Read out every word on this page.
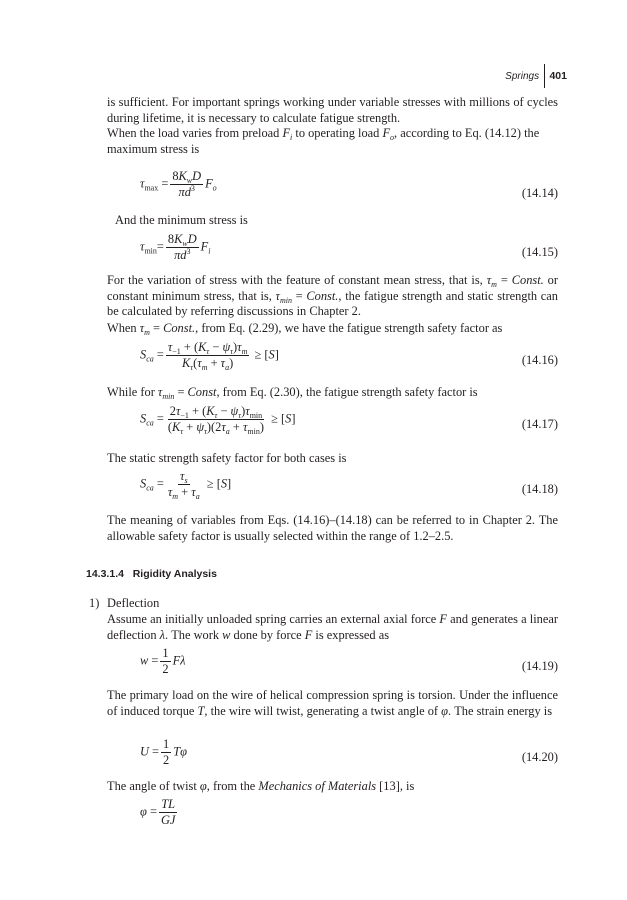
Springs 401
is sufficient. For important springs working under variable stresses with millions of cycles during lifetime, it is necessary to calculate fatigue strength.
When the load varies from preload $F_i$ to operating load $F_o$, according to Eq. (14.12) the maximum stress is
$\tau_{max} = \frac{8K_wD}{\pi d^3} F_o$	(14.14)
And the minimum stress is
$\tau_{min}= \frac{8K_wD}{\pi d^3} F_i$	(14.15)
For the variation of stress with the feature of constant mean stress, that is, $\tau_m$ = Const. or constant minimum stress, that is, $\tau_{min}$ = Const., the fatigue strength and static strength can be calculated by referring discussions in Chapter 2.
When $\tau_m$ = Const., from Eq. (2.29), we have the fatigue strength safety factor as
$S_{ca} = \frac{\tau_{-1} + (K_\tau - \psi_\tau)\tau_m}{K_\tau(\tau_m + \tau_a)} \ge [S]$	(14.16)
While for $\tau_{min}$ = Const, from Eq. (2.30), the fatigue strength safety factor is
$S_{ca} = \frac{2\tau_{-1} + (K_\tau - \psi_\tau)\tau_{min}}{(K_\tau + \psi_\tau)(2\tau_a + \tau_{min})} \ge [S]$	(14.17)
The static strength safety factor for both cases is
$S_{ca} = \frac{\tau_s}{\tau_m + \tau_a} \ge [S]$	(14.18)
The meaning of variables from Eqs. (14.16)–(14.18) can be referred to in Chapter 2. The allowable safety factor is usually selected within the range of 1.2–2.5.
14.3.1.4 Rigidity Analysis
1) Deflection
Assume an initially unloaded spring carries an external axial force F and generates a linear deflection λ. The work w done by force F is expressed as
$w = \frac{1}{2}$ Fλ	(14.19)
The primary load on the wire of helical compression spring is torsion. Under the influence of induced torque T, the wire will twist, generating a twist angle of φ. The strain energy is
$U = \frac{1}{2}$ Tφ	(14.20)
The angle of twist φ, from the Mechanics of Materials [13], is
$\varphi = \frac{TL}{GJ}$
